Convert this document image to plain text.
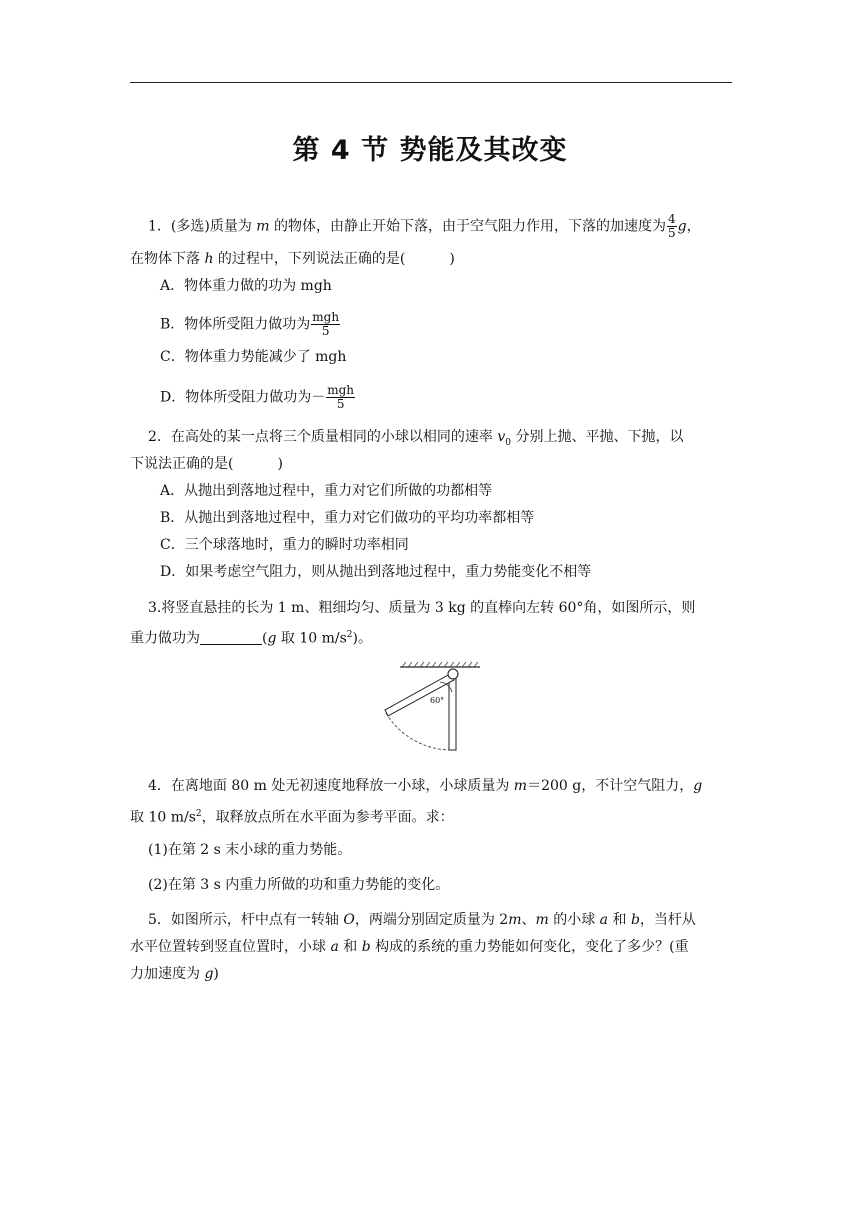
第 4 节 势能及其改变
1．(多选)质量为 m 的物体，由静止开始下落，由于空气阻力作用，下落的加速度为 $\frac{4}{5}$ g，
在物体下落 h 的过程中，下列说法正确的是(	)
A．物体重力做的功为 mgh
B．物体所受阻力做功为 $\frac{\text{mgh}}{5}$
C．物体重力势能减少了 mgh
D．物体所受阻力做功为－ $\frac{\text{mgh}}{5}$
2．在高处的某一点将三个质量相同的小球以相同的速率 $v_0$ 分别上抛、平抛、下抛，以
下说法正确的是(	)
A．从抛出到落地过程中，重力对它们所做的功都相等
B．从抛出到落地过程中，重力对它们做功的平均功率都相等
C．三个球落地时，重力的瞬时功率相同
D．如果考虑空气阻力，则从抛出到落地过程中，重力势能变化不相等
3.将竖直悬挂的长为 1 m、粗细均匀、质量为 3 kg 的直棒向左转 60°角，如图所示，则
重力做功为	(g 取 10 $m/s^2$)。
60°
4．在离地面 80 m 处无初速度地释放一小球，小球质量为 m＝200 g，不计空气阻力，g
取 10 $m/s^2$，取释放点所在水平面为参考平面。求：
(1)在第 2 s 末小球的重力势能。
(2)在第 3 s 内重力所做的功和重力势能的变化。
5．如图所示，杆中点有一转轴 O，两端分别固定质量为 2m、m 的小球 a 和 b，当杆从
水平位置转到竖直位置时，小球 a 和 b 构成的系统的重力势能如何变化，变化了多少？(重
力加速度为 g)
